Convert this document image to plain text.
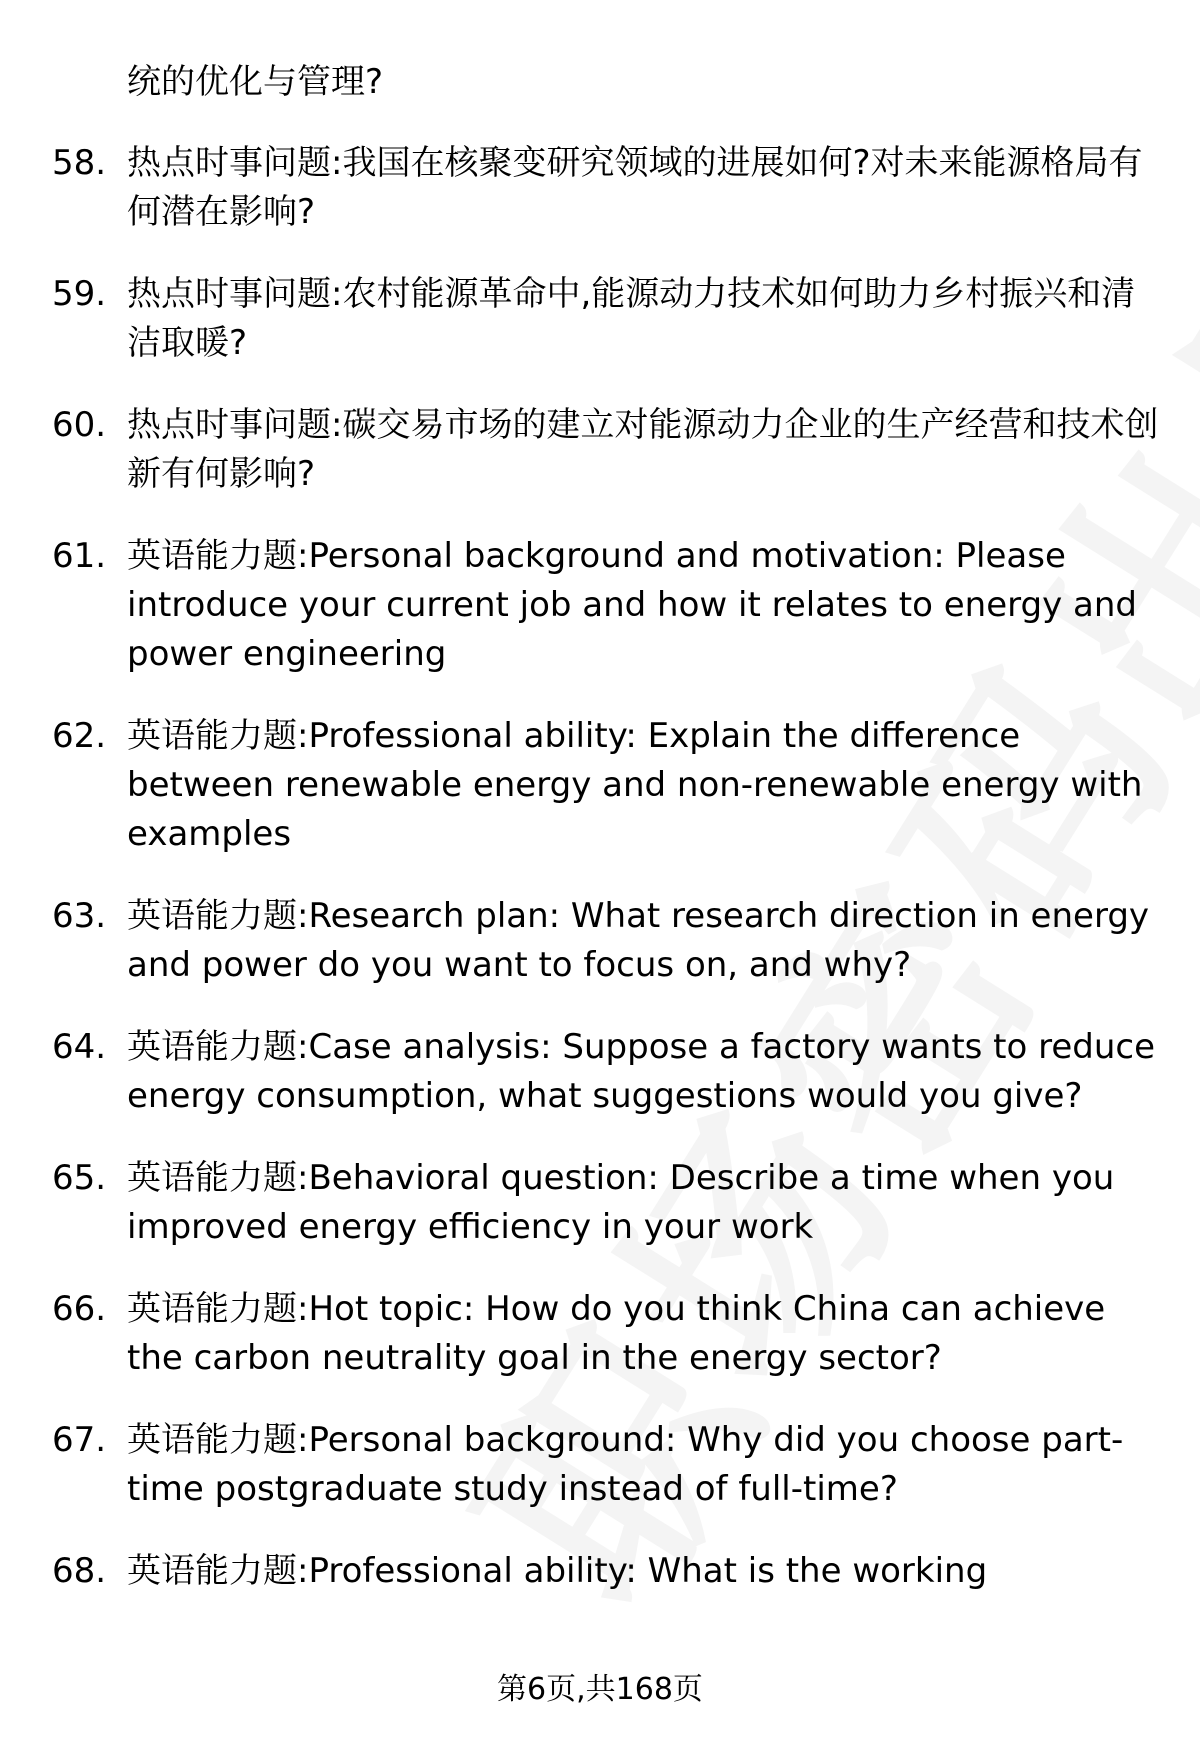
统的优化与管理?
58. 热点时事问题:我国在核聚变研究领域的进展如何?对未来能源格局有何潜在影响?
59. 热点时事问题:农村能源革命中,能源动力技术如何助力乡村振兴和清洁取暖?
60. 热点时事问题:碳交易市场的建立对能源动力企业的生产经营和技术创新有何影响?
61. 英语能力题:Personal background and motivation: Please introduce your current job and how it relates to energy and power engineering
62. 英语能力题:Professional ability: Explain the difference between renewable energy and non-renewable energy with examples
63. 英语能力题:Research plan: What research direction in energy and power do you want to focus on, and why?
64. 英语能力题:Case analysis: Suppose a factory wants to reduce energy consumption, what suggestions would you give?
65. 英语能力题:Behavioral question: Describe a time when you improved energy efficiency in your work
66. 英语能力题:Hot topic: How do you think China can achieve the carbon neutrality goal in the energy sector?
67. 英语能力题:Personal background: Why did you choose part-time postgraduate study instead of full-time?
68. 英语能力题:Professional ability: What is the working
第6页,共168页
